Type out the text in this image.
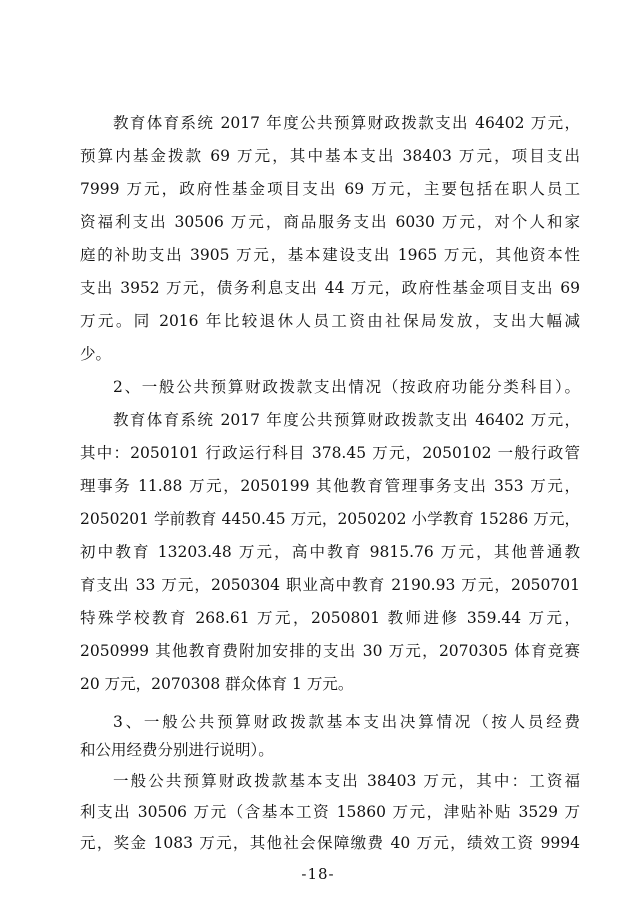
教育体育系统 2017 年度公共预算财政拨款支出 46402 万元，
预算内基金拨款 69 万元，其中基本支出 38403 万元，项目支出
7999 万元，政府性基金项目支出 69 万元，主要包括在职人员工
资福利支出 30506 万元，商品服务支出 6030 万元，对个人和家
庭的补助支出 3905 万元，基本建设支出 1965 万元，其他资本性
支出 3952 万元，债务利息支出 44 万元，政府性基金项目支出 69
万元。同 2016 年比较退休人员工资由社保局发放，支出大幅减
少。
2、一般公共预算财政拨款支出情况（按政府功能分类科目）。
教育体育系统 2017 年度公共预算财政拨款支出 46402 万元，
其中：2050101 行政运行科目 378.45 万元，2050102 一般行政管
理事务 11.88 万元，2050199 其他教育管理事务支出 353 万元，
2050201 学前教育 4450.45 万元，2050202 小学教育 15286 万元，
初中教育 13203.48 万元，高中教育 9815.76 万元，其他普通教
育支出 33 万元，2050304 职业高中教育 2190.93 万元，2050701
特殊学校教育 268.61 万元，2050801 教师进修 359.44 万元，
2050999 其他教育费附加安排的支出 30 万元，2070305 体育竞赛
20 万元，2070308 群众体育 1 万元。
3、一般公共预算财政拨款基本支出决算情况（按人员经费
和公用经费分别进行说明）。
一般公共预算财政拨款基本支出 38403 万元，其中：工资福
利支出 30506 万元（含基本工资 15860 万元，津贴补贴 3529 万
元，奖金 1083 万元，其他社会保障缴费 40 万元，绩效工资 9994
-18-
